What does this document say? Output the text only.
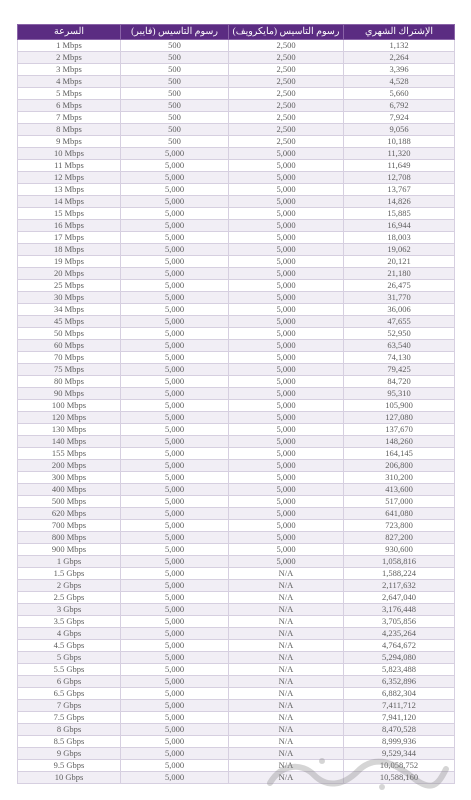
السرعة	رسوم التاسيس (فايبر)	رسوم التاسيس (مايكرويف)	الإشتراك الشهري
1 Mbps	500	2,500	1,132
2 Mbps	500	2,500	2,264
3 Mbps	500	2,500	3,396
4 Mbps	500	2,500	4,528
5 Mbps	500	2,500	5,660
6 Mbps	500	2,500	6,792
7 Mbps	500	2,500	7,924
8 Mbps	500	2,500	9,056
9 Mbps	500	2,500	10,188
10 Mbps	5,000	5,000	11,320
11 Mbps	5,000	5,000	11,649
12 Mbps	5,000	5,000	12,708
13 Mbps	5,000	5,000	13,767
14 Mbps	5,000	5,000	14,826
15 Mbps	5,000	5,000	15,885
16 Mbps	5,000	5,000	16,944
17 Mbps	5,000	5,000	18,003
18 Mbps	5,000	5,000	19,062
19 Mbps	5,000	5,000	20,121
20 Mbps	5,000	5,000	21,180
25 Mbps	5,000	5,000	26,475
30 Mbps	5,000	5,000	31,770
34 Mbps	5,000	5,000	36,006
45 Mbps	5,000	5,000	47,655
50 Mbps	5,000	5,000	52,950
60 Mbps	5,000	5,000	63,540
70 Mbps	5,000	5,000	74,130
75 Mbps	5,000	5,000	79,425
80 Mbps	5,000	5,000	84,720
90 Mbps	5,000	5,000	95,310
100 Mbps	5,000	5,000	105,900
120 Mbps	5,000	5,000	127,080
130 Mbps	5,000	5,000	137,670
140 Mbps	5,000	5,000	148,260
155 Mbps	5,000	5,000	164,145
200 Mbps	5,000	5,000	206,800
300 Mbps	5,000	5,000	310,200
400 Mbps	5,000	5,000	413,600
500 Mbps	5,000	5,000	517,000
620 Mbps	5,000	5,000	641,080
700 Mbps	5,000	5,000	723,800
800 Mbps	5,000	5,000	827,200
900 Mbps	5,000	5,000	930,600
1 Gbps	5,000	5,000	1,058,816
1.5 Gbps	5,000	N/A	1,588,224
2 Gbps	5,000	N/A	2,117,632
2.5 Gbps	5,000	N/A	2,647,040
3 Gbps	5,000	N/A	3,176,448
3.5 Gbps	5,000	N/A	3,705,856
4 Gbps	5,000	N/A	4,235,264
4.5 Gbps	5,000	N/A	4,764,672
5 Gbps	5,000	N/A	5,294,080
5.5 Gbps	5,000	N/A	5,823,488
6 Gbps	5,000	N/A	6,352,896
6.5 Gbps	5,000	N/A	6,882,304
7 Gbps	5,000	N/A	7,411,712
7.5 Gbps	5,000	N/A	7,941,120
8 Gbps	5,000	N/A	8,470,528
8.5 Gbps	5,000	N/A	8,999,936
9 Gbps	5,000	N/A	9,529,344
9.5 Gbps	5,000	N/A	10,058,752
10 Gbps	5,000	N/A	10,588,160
